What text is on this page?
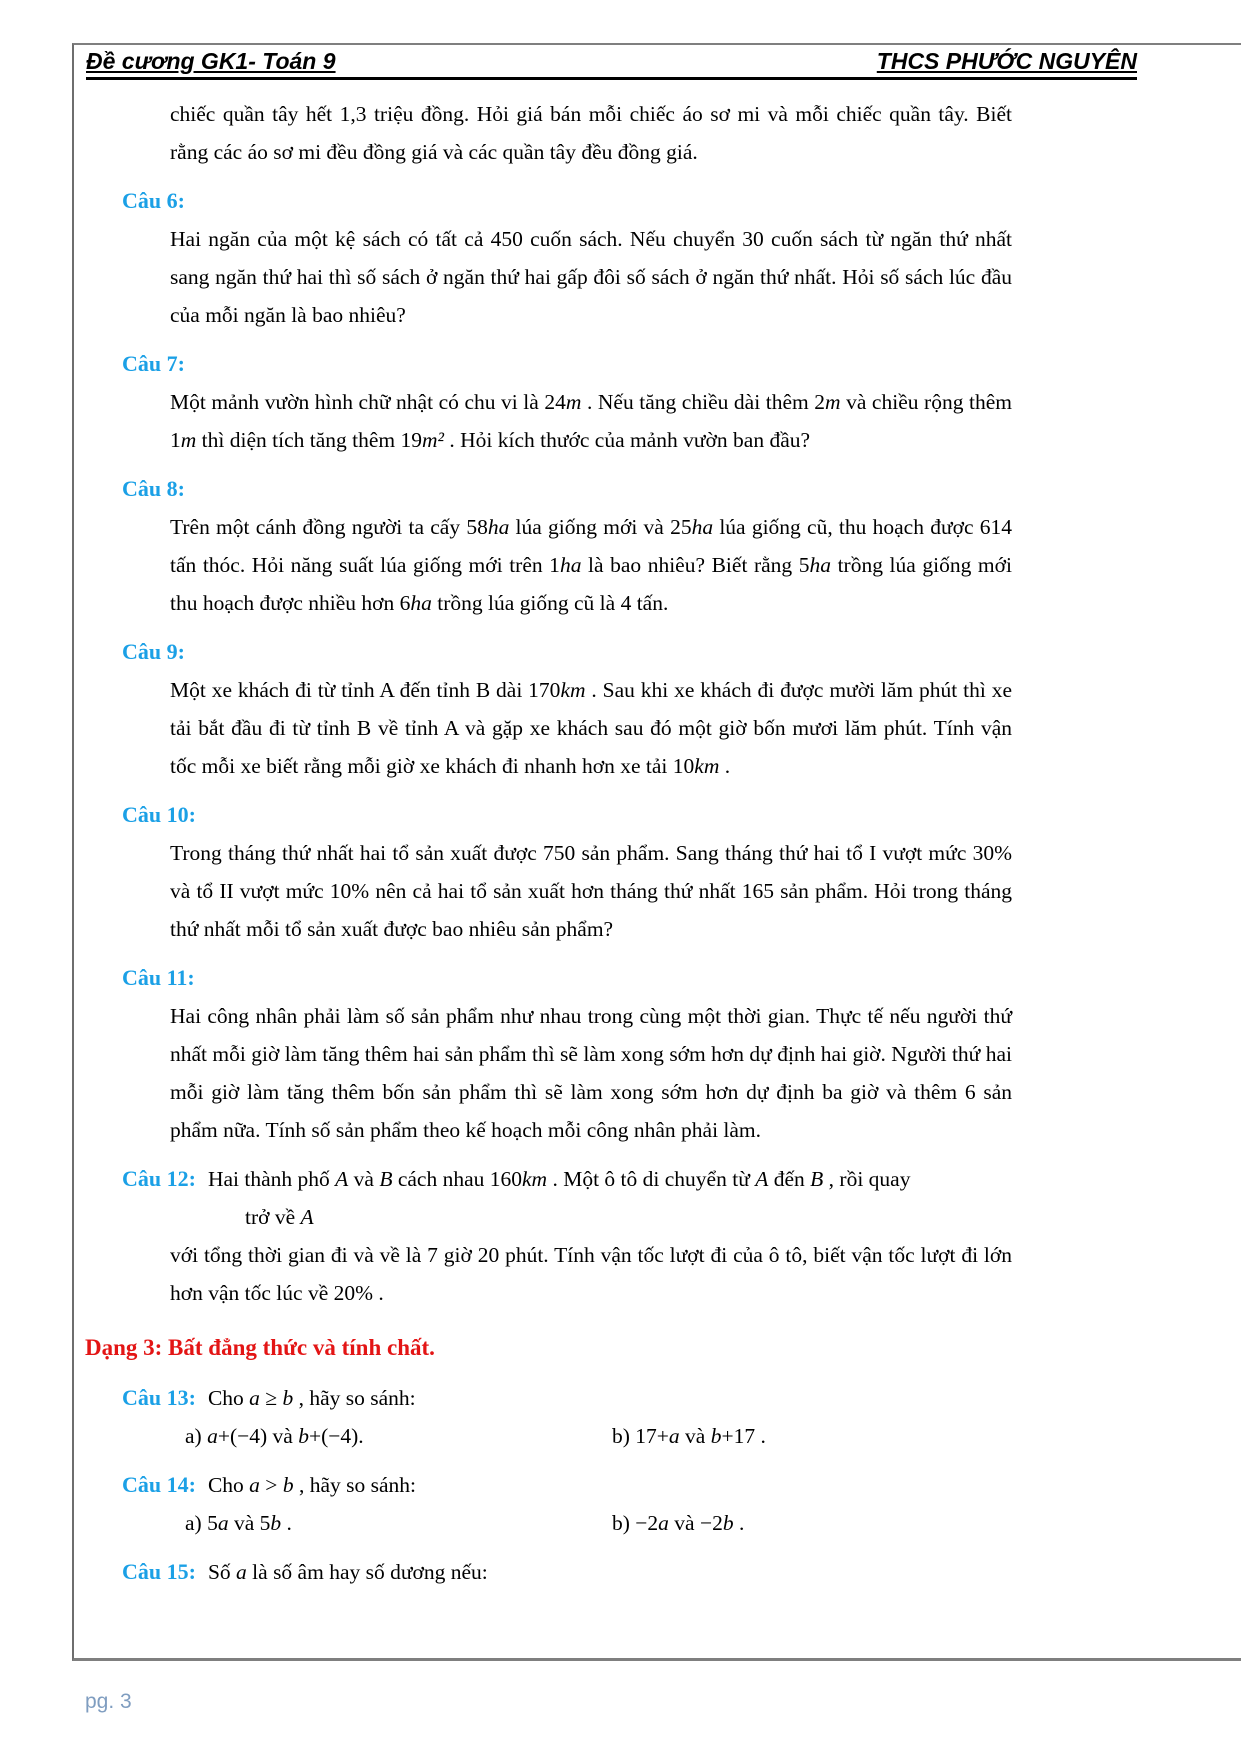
Đề cương GK1- Toán 9	THCS PHƯỚC NGUYÊN

chiếc quần tây hết 1,3 triệu đồng. Hỏi giá bán mỗi chiếc áo sơ mi và mỗi chiếc quần tây. Biết rằng các áo sơ mi đều đồng giá và các quần tây đều đồng giá.

Câu 6:

Hai ngăn của một kệ sách có tất cả 450 cuốn sách. Nếu chuyển 30 cuốn sách từ ngăn thứ nhất sang ngăn thứ hai thì số sách ở ngăn thứ hai gấp đôi số sách ở ngăn thứ nhất. Hỏi số sách lúc đầu của mỗi ngăn là bao nhiêu?

Câu 7:

Một mảnh vườn hình chữ nhật có chu vi là 24m . Nếu tăng chiều dài thêm 2m và chiều rộng thêm 1m thì diện tích tăng thêm 19m² . Hỏi kích thước của mảnh vườn ban đầu?

Câu 8:

Trên một cánh đồng người ta cấy 58ha lúa giống mới và 25ha lúa giống cũ, thu hoạch được 614 tấn thóc. Hỏi năng suất lúa giống mới trên 1ha là bao nhiêu? Biết rằng 5ha trồng lúa giống mới thu hoạch được nhiều hơn 6ha trồng lúa giống cũ là 4 tấn.

Câu 9:

Một xe khách đi từ tỉnh A đến tỉnh B dài 170km . Sau khi xe khách đi được mười lăm phút thì xe tải bắt đầu đi từ tỉnh B về tỉnh A và gặp xe khách sau đó một giờ bốn mươi lăm phút. Tính vận tốc mỗi xe biết rằng mỗi giờ xe khách đi nhanh hơn xe tải 10km .

Câu 10:

Trong tháng thứ nhất hai tổ sản xuất được 750 sản phẩm. Sang tháng thứ hai tổ I vượt mức 30% và tổ II vượt mức 10% nên cả hai tổ sản xuất hơn tháng thứ nhất 165 sản phẩm. Hỏi trong tháng thứ nhất mỗi tổ sản xuất được bao nhiêu sản phẩm?

Câu 11:

Hai công nhân phải làm số sản phẩm như nhau trong cùng một thời gian. Thực tế nếu người thứ nhất mỗi giờ làm tăng thêm hai sản phẩm thì sẽ làm xong sớm hơn dự định hai giờ. Người thứ hai mỗi giờ làm tăng thêm bốn sản phẩm thì sẽ làm xong sớm hơn dự định ba giờ và thêm 6 sản phẩm nữa. Tính số sản phẩm theo kế hoạch mỗi công nhân phải làm.

Câu 12: Hai thành phố A và B cách nhau 160km . Một ô tô di chuyển từ A đến B , rồi quay
trở về A

với tổng thời gian đi và về là 7 giờ 20 phút. Tính vận tốc lượt đi của ô tô, biết vận tốc lượt đi lớn hơn vận tốc lúc về 20% .

Dạng 3: Bất đẳng thức và tính chất.
Câu 13: Cho a ≥ b , hãy so sánh:
a) a+(−4) và b+(−4).	b) 17+a và b+17 .
Câu 14: Cho a > b , hãy so sánh:
a) 5a và 5b .	b) −2a và −2b .
Câu 15: Số a là số âm hay số dương nếu:
pg. 3
